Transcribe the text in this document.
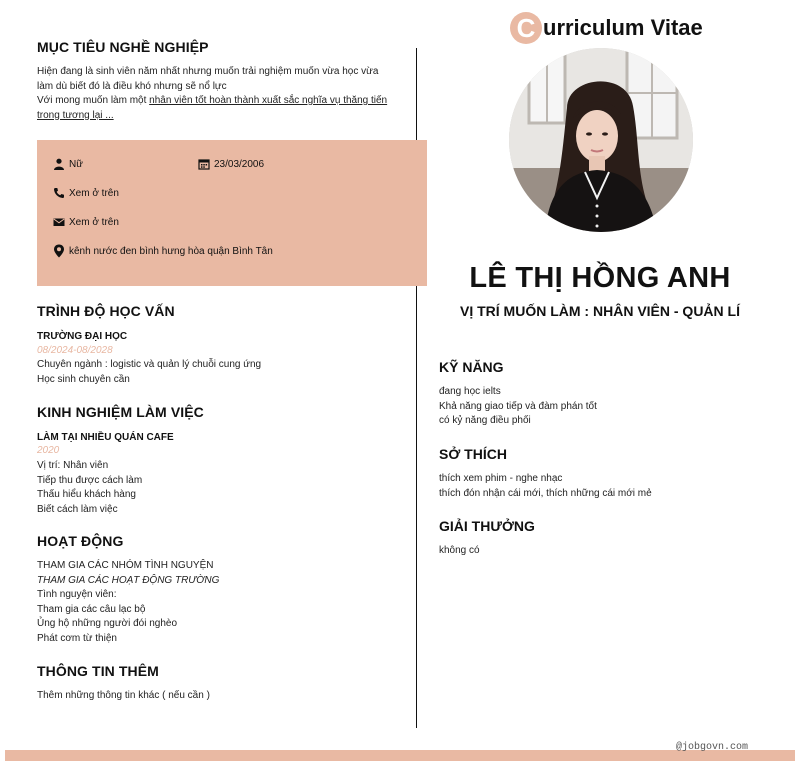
MỤC TIÊU NGHỀ NGHIỆP
Hiện đang là sinh viên năm nhất nhưng muốn trải nghiệm muốn vừa học vừa
làm dù biết đó là điều khó nhưng sẽ nổ lực
Với mong muốn làm một nhân viên tốt hoàn thành xuất sắc nghĩa vụ thăng tiến
trong tương lại ...
Nữ	23/03/2006
Xem ở trên
Xem ở trên
kênh nước đen bình hưng hòa quận Bình Tân
TRÌNH ĐỘ HỌC VẤN
TRƯỜNG ĐẠI HỌC
08/2024-08/2028
Chuyên ngành : logistic và quản lý chuỗi cung ứng
Học sinh chuyên cần
KINH NGHIỆM LÀM VIỆC
LÀM TẠI NHIỀU QUÁN CAFE
2020
Vị trí: Nhân viên
Tiếp thu được cách làm
Thấu hiểu khách hàng
Biết cách làm việc
HOẠT ĐỘNG
THAM GIA CÁC NHÓM TÌNH NGUYỆN
THAM GIA CÁC HOẠT ĐỘNG TRƯỜNG
Tình nguyện viên:
Tham gia các câu lạc bộ
Ủng hộ những người đói nghèo
Phát cơm từ thiện
THÔNG TIN THÊM
Thêm những thông tin khác ( nếu cần )
C urriculum Vitae
LÊ THỊ HỒNG ANH
VỊ TRÍ MUỐN LÀM : NHÂN VIÊN - QUẢN LÍ
KỸ NĂNG
đang học ielts
Khả năng giao tiếp và đàm phán tốt
có kỷ năng điều phối
SỞ THÍCH
thích xem phim - nghe nhạc
thích đón nhận cái mới, thích những cái mới mẻ
GIẢI THƯỞNG
không có
@jobgovn.com
